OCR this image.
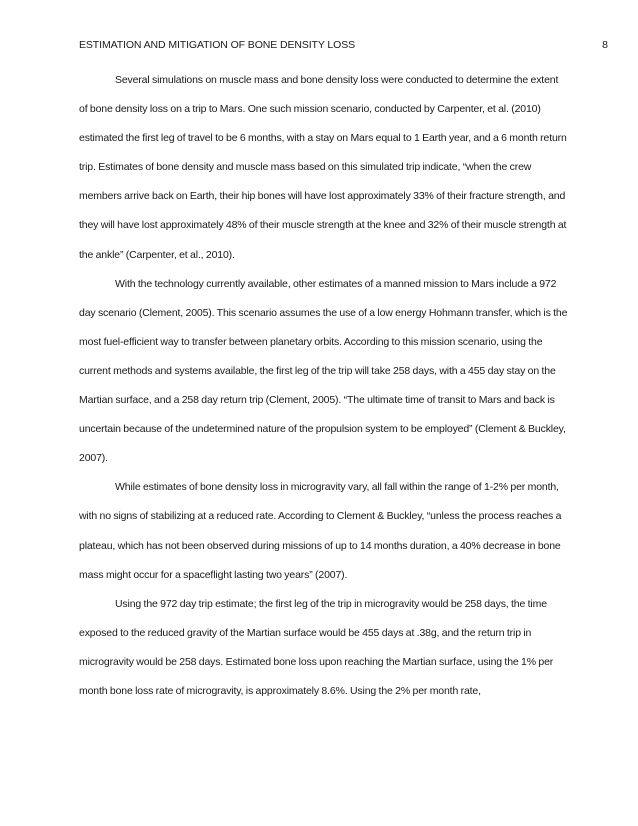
ESTIMATION AND MITIGATION OF BONE DENSITY LOSS	8

Several simulations on muscle mass and bone density loss were conducted to determine the extent of bone density loss on a trip to Mars. One such mission scenario, conducted by Carpenter, et al. (2010) estimated the first leg of travel to be 6 months, with a stay on Mars equal to 1 Earth year, and a 6 month return trip. Estimates of bone density and muscle mass based on this simulated trip indicate, “when the crew members arrive back on Earth, their hip bones will have lost approximately 33% of their fracture strength, and they will have lost approximately 48% of their muscle strength at the knee and 32% of their muscle strength at the ankle” (Carpenter, et al., 2010).

With the technology currently available, other estimates of a manned mission to Mars include a 972 day scenario (Clement, 2005). This scenario assumes the use of a low energy Hohmann transfer, which is the most fuel-efficient way to transfer between planetary orbits. According to this mission scenario, using the current methods and systems available, the first leg of the trip will take 258 days, with a 455 day stay on the Martian surface, and a 258 day return trip (Clement, 2005). “The ultimate time of transit to Mars and back is uncertain because of the undetermined nature of the propulsion system to be employed” (Clement & Buckley, 2007).

While estimates of bone density loss in microgravity vary, all fall within the range of 1-2% per month, with no signs of stabilizing at a reduced rate. According to Clement & Buckley, “unless the process reaches a plateau, which has not been observed during missions of up to 14 months duration, a 40% decrease in bone mass might occur for a spaceflight lasting two years” (2007).

Using the 972 day trip estimate; the first leg of the trip in microgravity would be 258 days, the time exposed to the reduced gravity of the Martian surface would be 455 days at .38g, and the return trip in microgravity would be 258 days. Estimated bone loss upon reaching the Martian surface, using the 1% per month bone loss rate of microgravity, is approximately 8.6%. Using the 2% per month rate,
